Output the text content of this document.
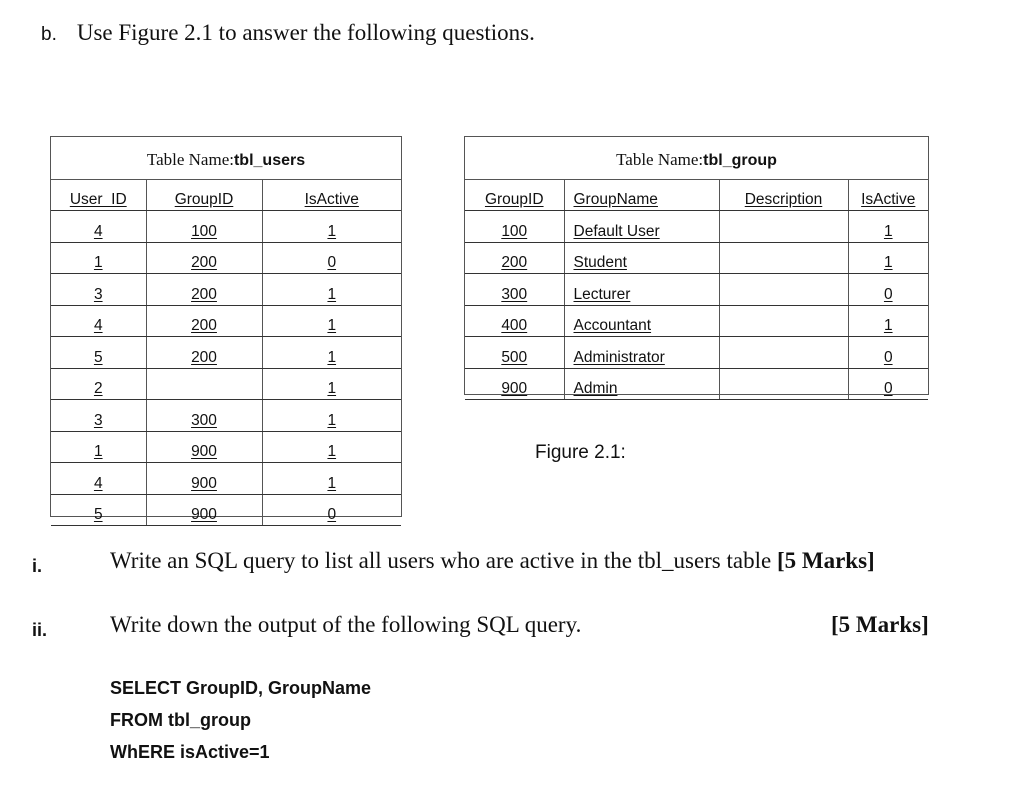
b. Use Figure 2.1 to answer the following questions.
Table Name:tbl_users
User_ID	GroupID	IsActive
4	100	1
1	200	0
3	200	1
4	200	1
5	200	1
2		1
3	300	1
1	900	1
4	900	1
5	900	0
Table Name:tbl_group
GroupID	GroupName	Description	IsActive
100	Default User		1
200	Student		1
300	Lecturer		0
400	Accountant		1
500	Administrator		0
900	Admin		0
Figure 2.1:
i.	Write an SQL query to list all users who are active in the tbl_users table [5 Marks]
ii.	Write down the output of the following SQL query.	[5 Marks]
SELECT GroupID, GroupName
FROM tbl_group
WhERE isActive=1
